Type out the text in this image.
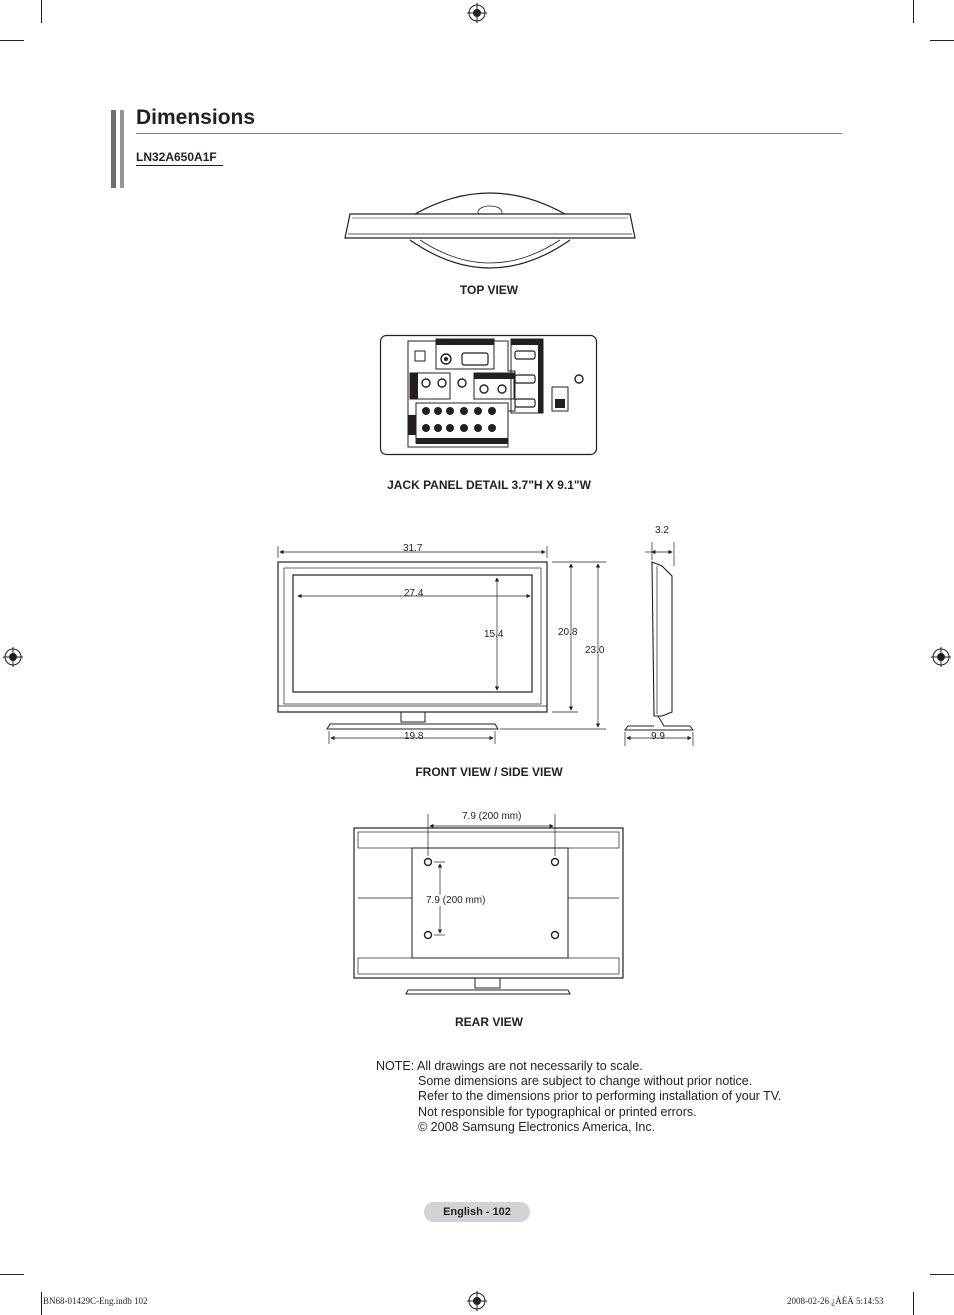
Dimensions
LN32A650A1F
TOP VIEW
JACK PANEL DETAIL 3.7"H X 9.1"W
31.7
27.4
15.4	20.8
23.0
19.8
3.2
9.9
FRONT VIEW / SIDE VIEW
7.9 (200 mm)
7.9 (200 mm)
REAR VIEW
NOTE: All drawings are not necessarily to scale.
Some dimensions are subject to change without prior notice.
Refer to the dimensions prior to performing installation of your TV.
Not responsible for typographical or printed errors.
© 2008 Samsung Electronics America, Inc.
English - 102
BN68-01429C-Eng.indb 102	2008-02-26 ¿ÀÈÄ 5:14:53
